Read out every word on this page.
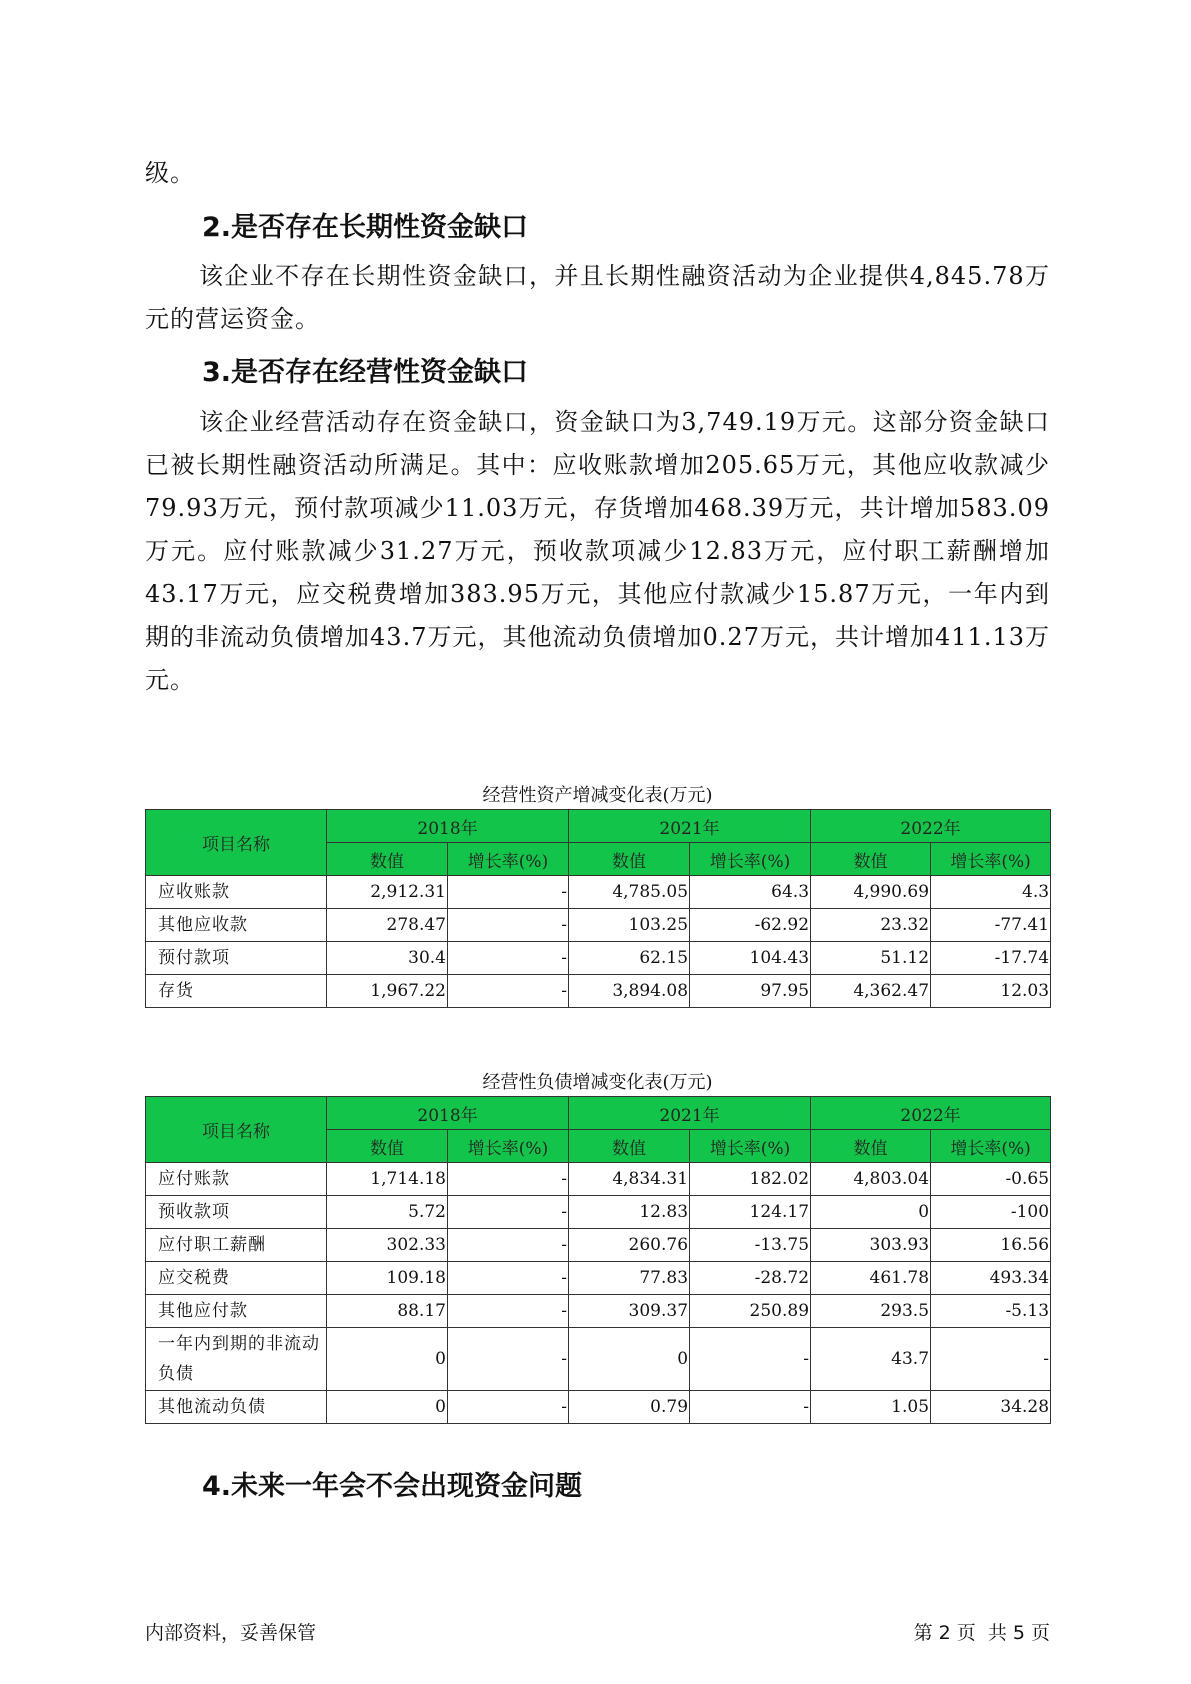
级。
2.是否存在长期性资金缺口
该企业不存在长期性资金缺口，并且长期性融资活动为企业提供4,845.78万元的营运资金。
3.是否存在经营性资金缺口
该企业经营活动存在资金缺口，资金缺口为3,749.19万元。这部分资金缺口已被长期性融资活动所满足。其中：应收账款增加205.65万元，其他应收款减少79.93万元，预付款项减少11.03万元，存货增加468.39万元，共计增加583.09万元。应付账款减少31.27万元，预收款项减少12.83万元，应付职工薪酬增加43.17万元，应交税费增加383.95万元，其他应付款减少15.87万元，一年内到期的非流动负债增加43.7万元，其他流动负债增加0.27万元，共计增加411.13万元。
经营性资产增减变化表(万元)
项目名称	2018年		2021年		2022年	
	数值	增长率(%)	数值	增长率(%)	数值	增长率(%)
应收账款	2,912.31	-	4,785.05	64.3	4,990.69	4.3
其他应收款	278.47	-	103.25	-62.92	23.32	-77.41
预付款项	30.4	-	62.15	104.43	51.12	-17.74
存货	1,967.22	-	3,894.08	97.95	4,362.47	12.03
经营性负债增减变化表(万元)
项目名称	2018年		2021年		2022年	
	数值	增长率(%)	数值	增长率(%)	数值	增长率(%)
应付账款	1,714.18	-	4,834.31	182.02	4,803.04	-0.65
预收款项	5.72	-	12.83	124.17	0	-100
应付职工薪酬	302.33	-	260.76	-13.75	303.93	16.56
应交税费	109.18	-	77.83	-28.72	461.78	493.34
其他应付款	88.17	-	309.37	250.89	293.5	-5.13
一年内到期的非流动负债	0	-	0	-	43.7	-
其他流动负债	0	-	0.79	-	1.05	34.28
4.未来一年会不会出现资金问题
内部资料，妥善保管	第 2 页  共 5 页
